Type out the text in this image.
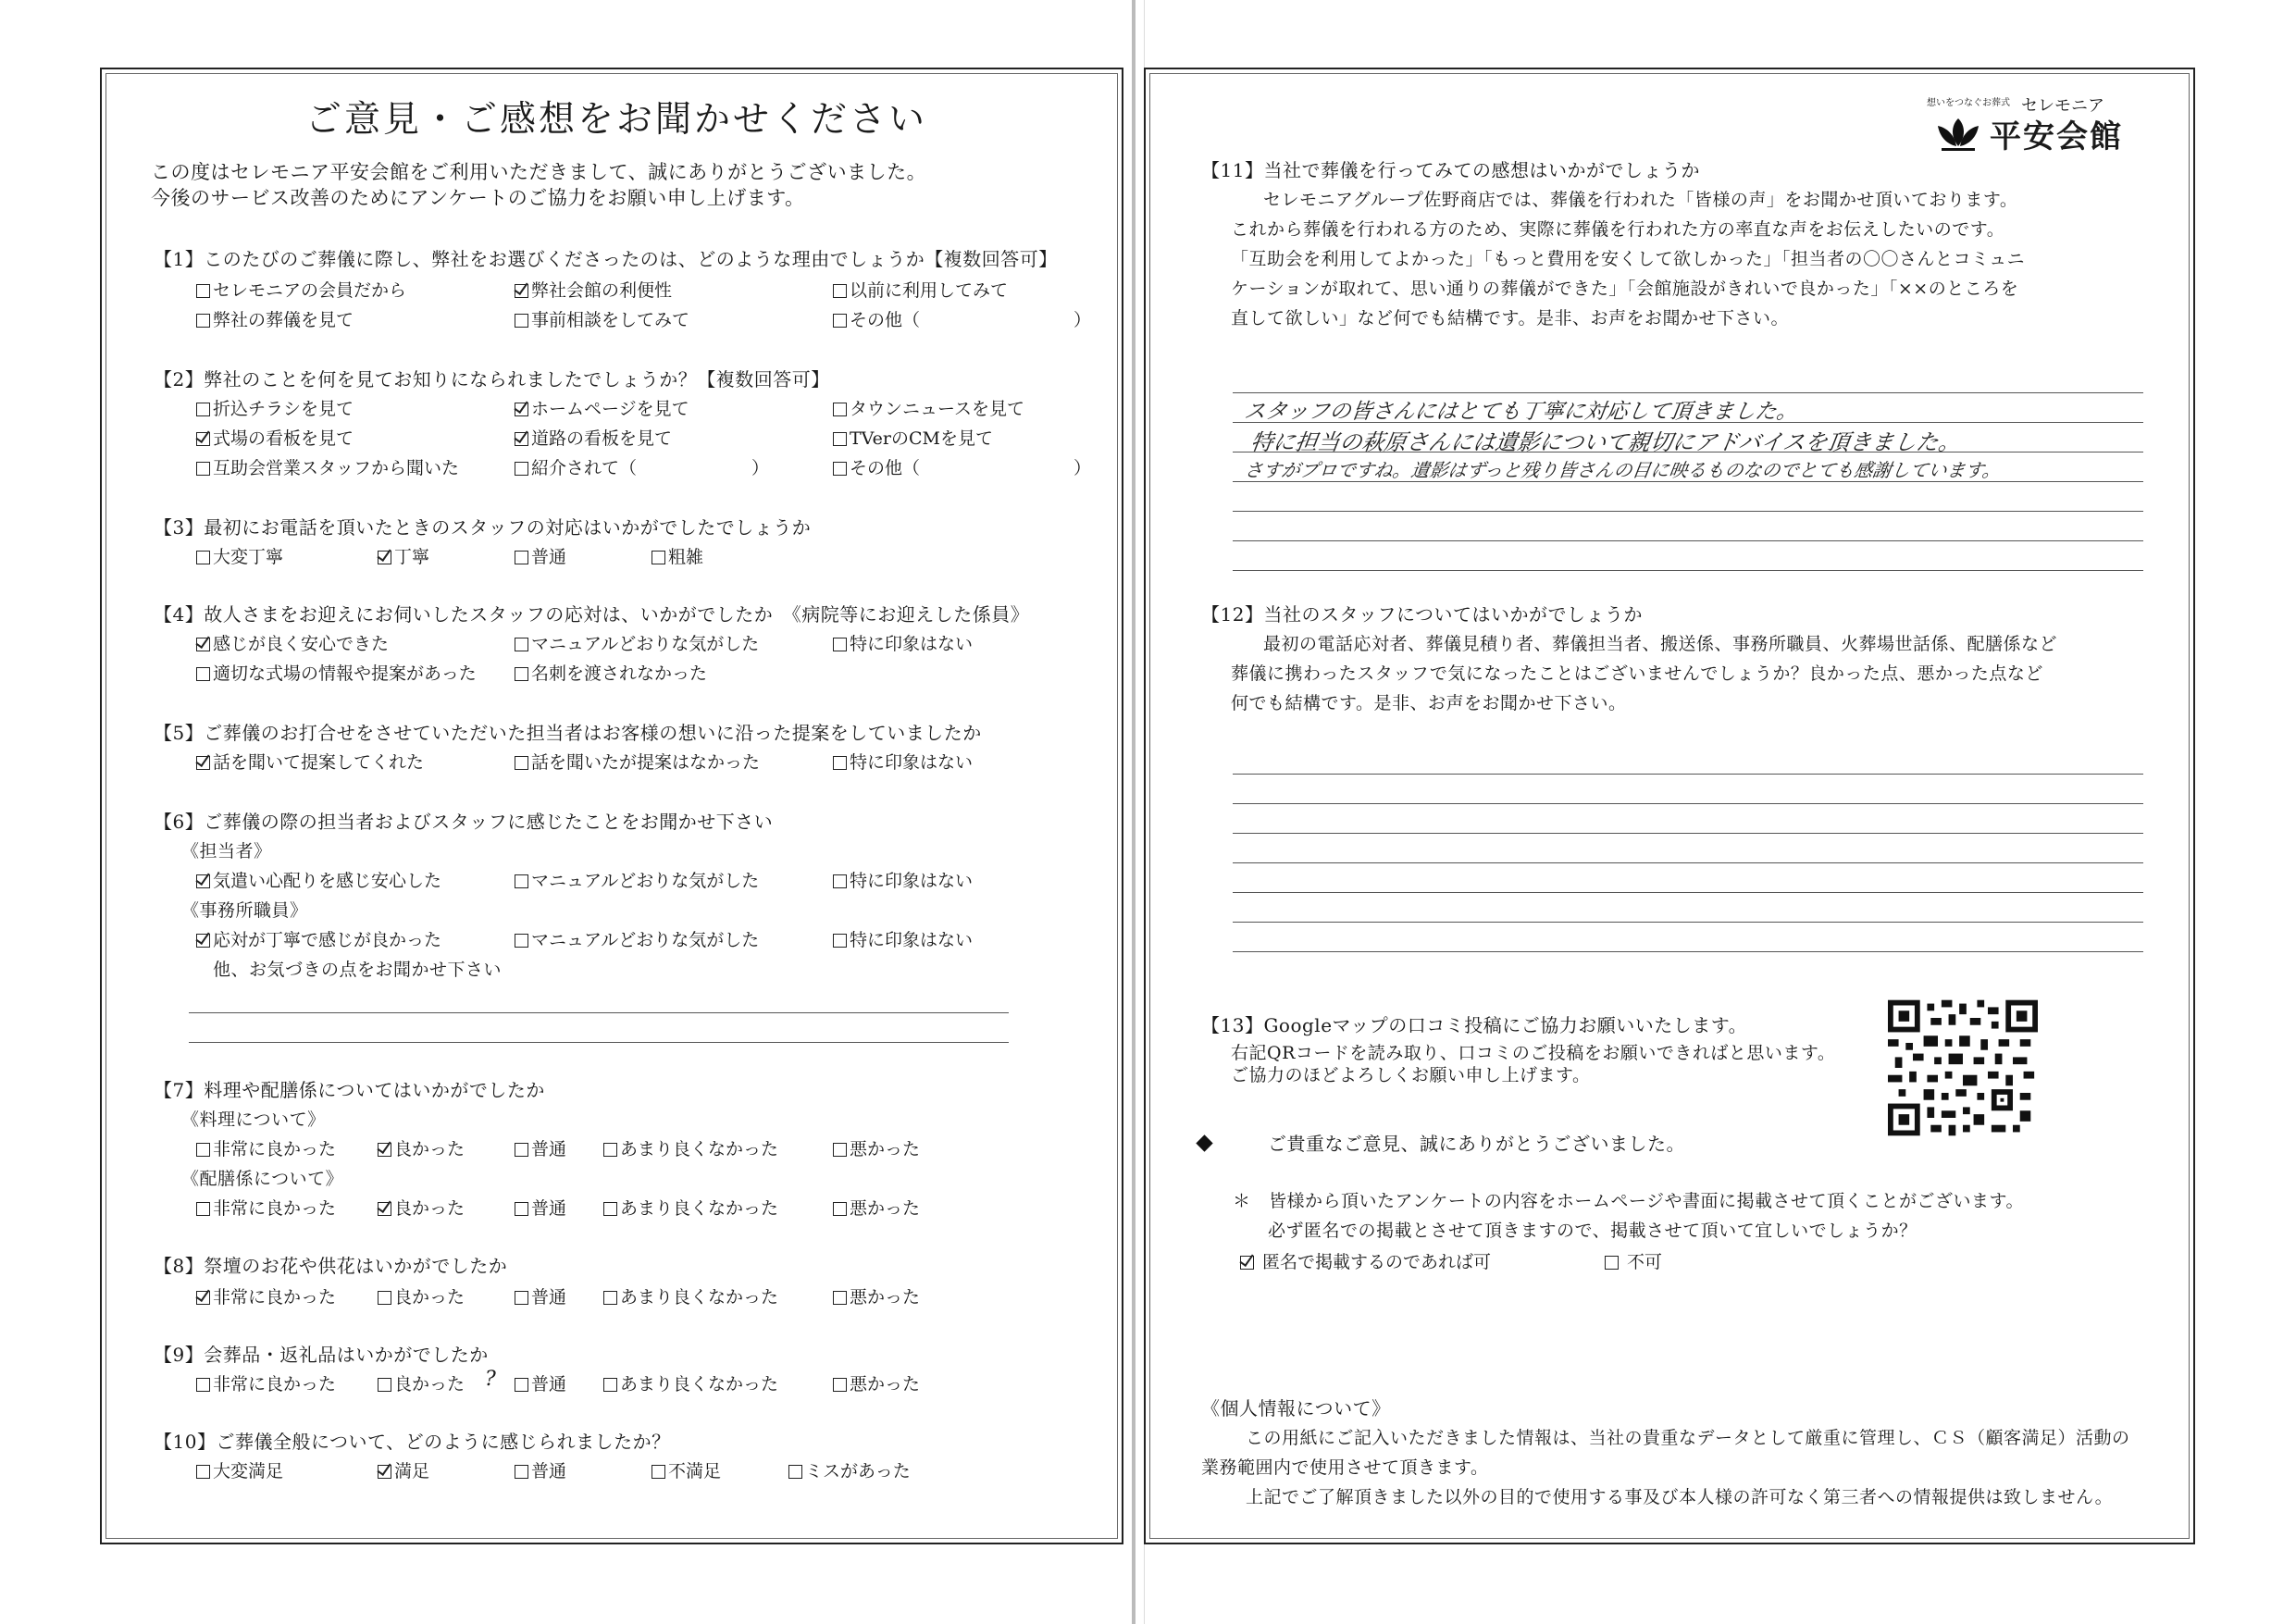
ご意見・ご感想をお聞かせください
この度はセレモニア平安会館をご利用いただきまして、誠にありがとうございました。
今後のサービス改善のためにアンケートのご協力をお願い申し上げます。
【1】このたびのご葬儀に際し、弊社をお選びくださったのは、どのような理由でしょうか【複数回答可】
セレモニアの会員だから	弊社会館の利便性	以前に利用してみて
弊社の葬儀を見て	事前相談をしてみて	その他（	）
【2】弊社のことを何を見てお知りになられましたでしょうか？【複数回答可】
折込チラシを見て	ホームページを見て	タウンニュースを見て
式場の看板を見て	道路の看板を見て	TVerのCMを見て
互助会営業スタッフから聞いた	紹介されて（	）	その他（	）
【3】最初にお電話を頂いたときのスタッフの対応はいかがでしたでしょうか
大変丁寧	丁寧	普通	粗雑
【4】故人さまをお迎えにお伺いしたスタッフの応対は、いかがでしたか　《病院等にお迎えした係員》
感じが良く安心できた	マニュアルどおりな気がした	特に印象はない
適切な式場の情報や提案があった	名刺を渡されなかった
【5】ご葬儀のお打合せをさせていただいた担当者はお客様の想いに沿った提案をしていましたか
話を聞いて提案してくれた	話を聞いたが提案はなかった	特に印象はない
【6】ご葬儀の際の担当者およびスタッフに感じたことをお聞かせ下さい
《担当者》
気遣い心配りを感じ安心した	マニュアルどおりな気がした	特に印象はない
《事務所職員》
応対が丁寧で感じが良かった	マニュアルどおりな気がした	特に印象はない
他、お気づきの点をお聞かせ下さい
【7】料理や配膳係についてはいかがでしたか
《料理について》
非常に良かった	良かった	普通	あまり良くなかった	悪かった
《配膳係について》
非常に良かった	良かった	普通	あまり良くなかった	悪かった
【8】祭壇のお花や供花はいかがでしたか
非常に良かった	良かった	普通	あまり良くなかった	悪かった
【9】会葬品・返礼品はいかがでしたか
非常に良かった	良かった ? 普通	あまり良くなかった	悪かった
【10】ご葬儀全般について、どのように感じられましたか？
大変満足	満足	普通	不満足	ミスがあった
想いをつなぐお葬式 セレモニア
平安会館
【11】当社で葬儀を行ってみての感想はいかがでしょうか
セレモニアグループ佐野商店では、葬儀を行われた「皆様の声」をお聞かせ頂いております。
これから葬儀を行われる方のため、実際に葬儀を行われた方の率直な声をお伝えしたいのです。
「互助会を利用してよかった」「もっと費用を安くして欲しかった」「担当者の〇〇さんとコミュニ
ケーションが取れて、思い通りの葬儀ができた」「会館施設がきれいで良かった」「××のところを
直して欲しい」など何でも結構です。是非、お声をお聞かせ下さい。
スタッフの皆さんにはとても丁寧に対応して頂きました。
特に担当の萩原さんには遺影について親切にアドバイスを頂きました。
さすがプロですね。遺影はずっと残り皆さんの目に映るものなのでとても感謝しています。
【12】当社のスタッフについてはいかがでしょうか
最初の電話応対者、葬儀見積り者、葬儀担当者、搬送係、事務所職員、火葬場世話係、配膳係など
葬儀に携わったスタッフで気になったことはございませんでしょうか？良かった点、悪かった点など
何でも結構です。是非、お声をお聞かせ下さい。
【13】Googleマップの口コミ投稿にご協力お願いいたします。
右記QRコードを読み取り、口コミのご投稿をお願いできればと思います。
ご協力のほどよろしくお願い申し上げます。
ご貴重なご意見、誠にありがとうございました。
＊　皆様から頂いたアンケートの内容をホームページや書面に掲載させて頂くことがございます。
必ず匿名での掲載とさせて頂きますので、掲載させて頂いて宜しいでしょうか？
匿名で掲載するのであれば可	不可
《個人情報について》
この用紙にご記入いただきました情報は、当社の貴重なデータとして厳重に管理し、ＣＳ（顧客満足）活動の
業務範囲内で使用させて頂きます。
上記でご了解頂きました以外の目的で使用する事及び本人様の許可なく第三者への情報提供は致しません。
